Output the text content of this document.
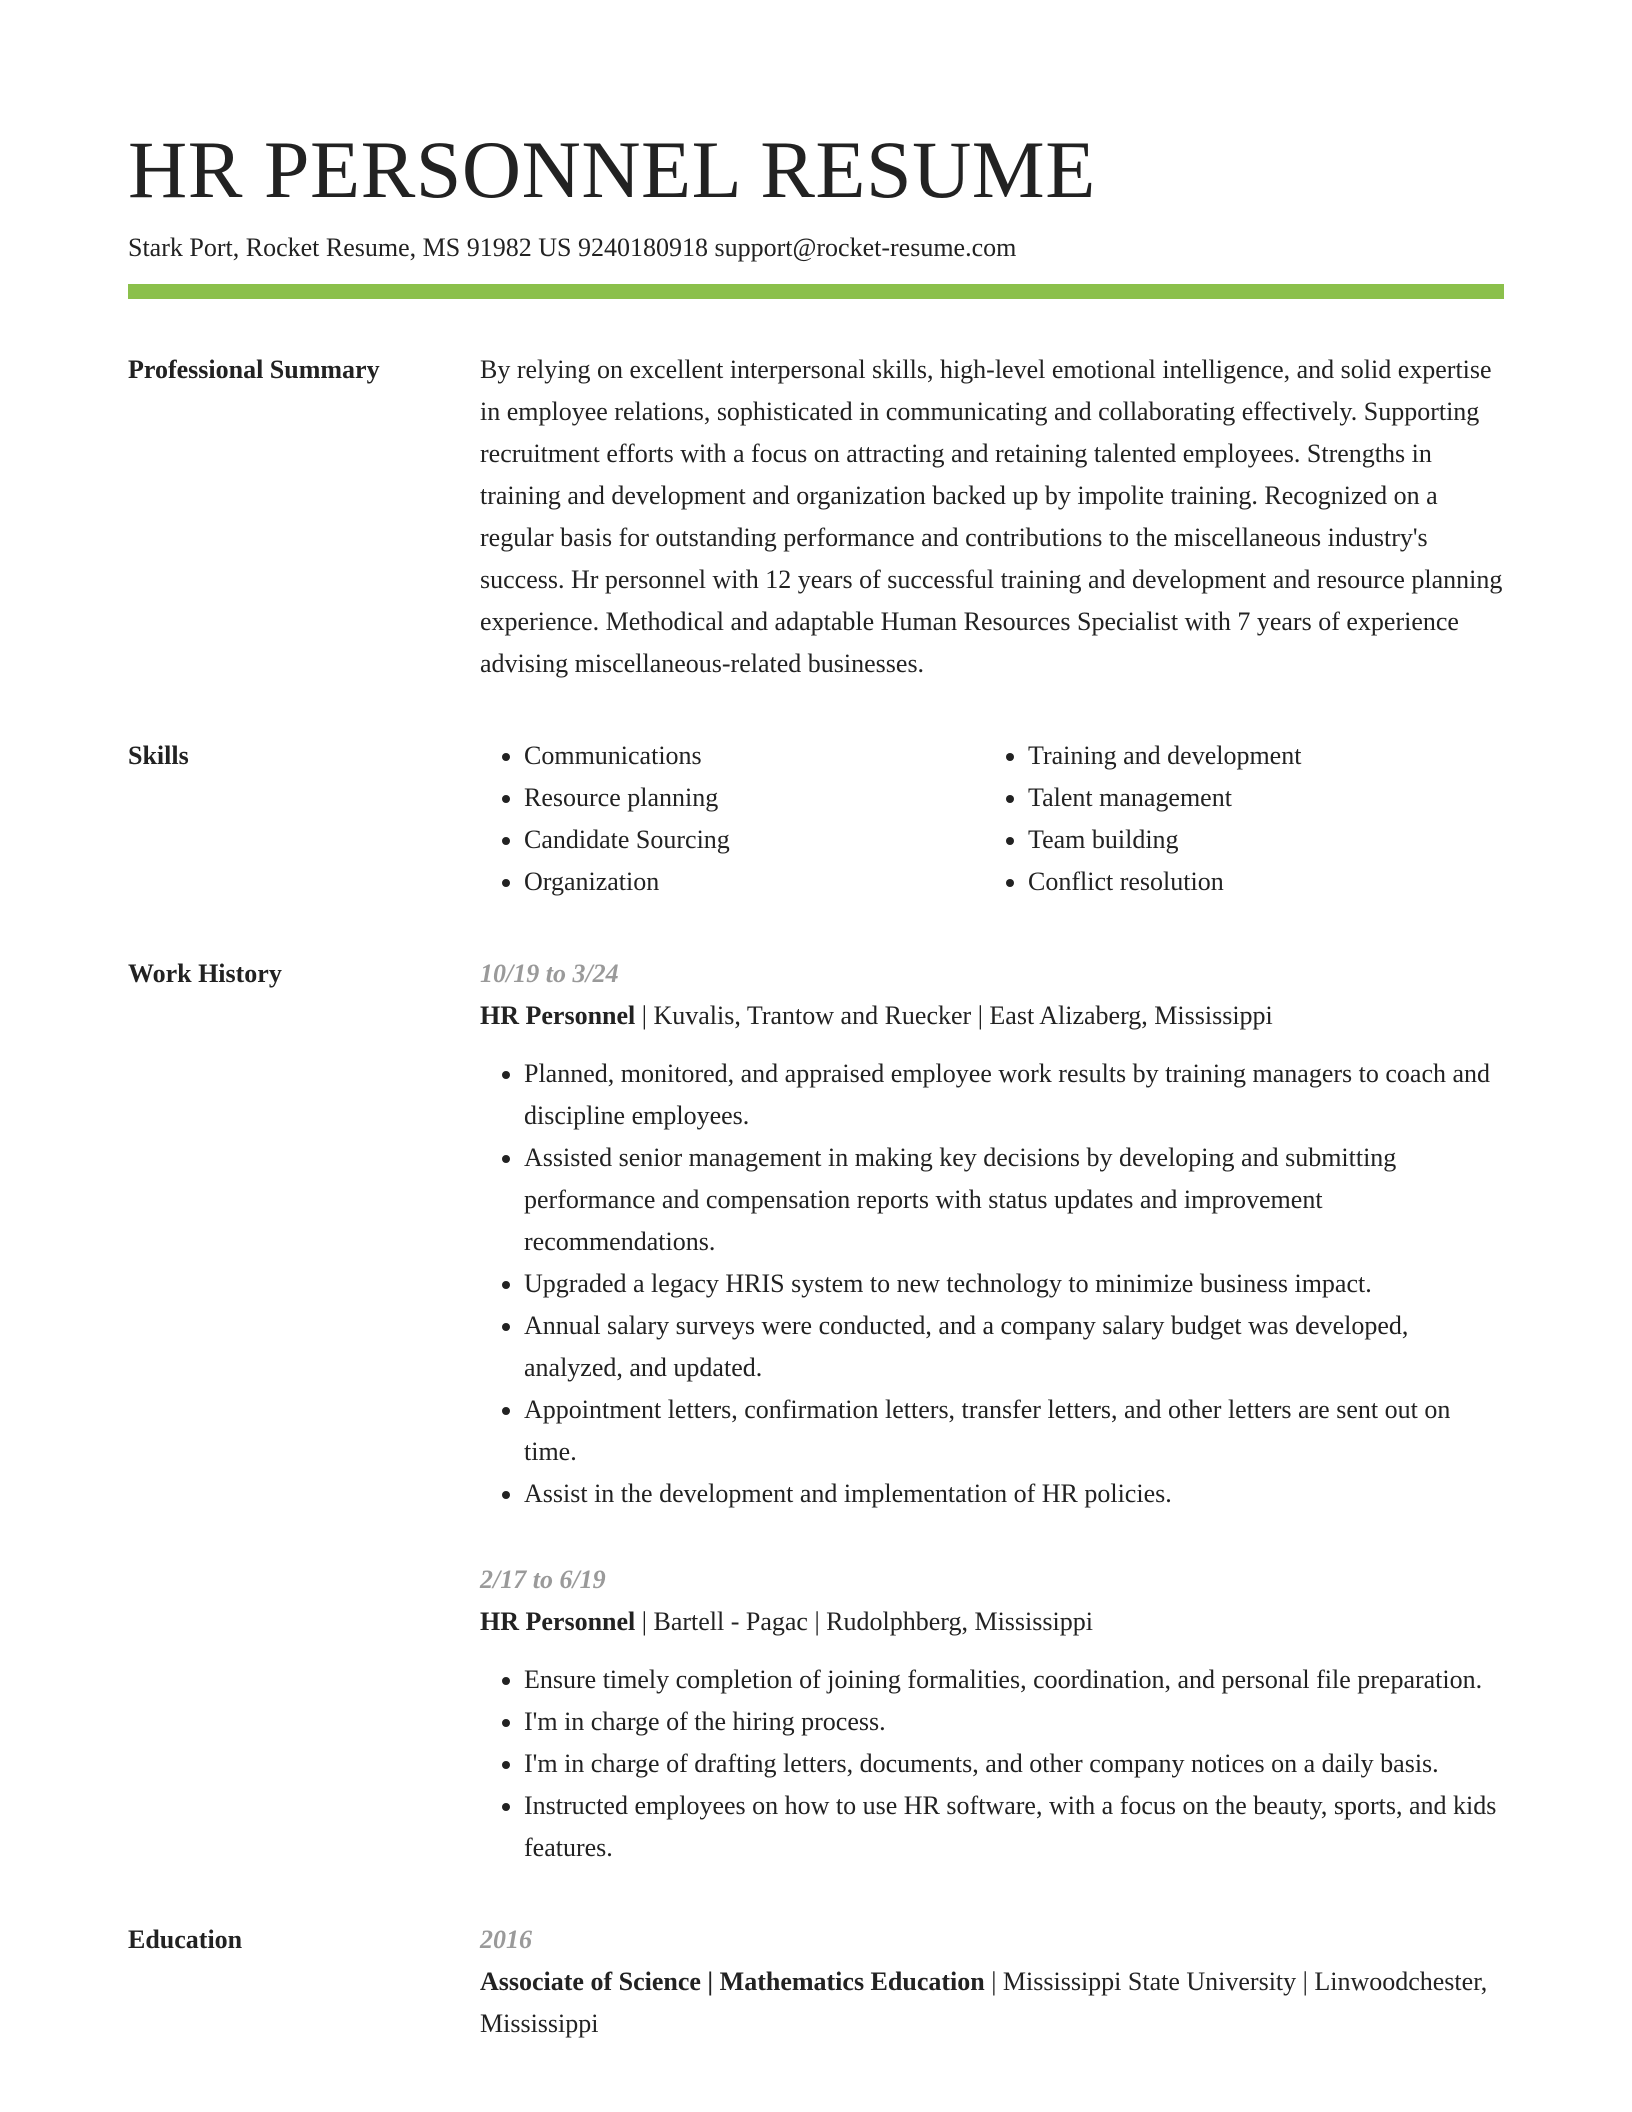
HR PERSONNEL RESUME
Stark Port, Rocket Resume, MS 91982 US 9240180918 support@rocket-resume.com
Professional Summary	By relying on excellent interpersonal skills, high-level emotional intelligence, and solid expertise in employee relations, sophisticated in communicating and collaborating effectively. Supporting recruitment efforts with a focus on attracting and retaining talented employees. Strengths in training and development and organization backed up by impolite training. Recognized on a regular basis for outstanding performance and contributions to the miscellaneous industry's success. Hr personnel with 12 years of successful training and development and resource planning experience. Methodical and adaptable Human Resources Specialist with 7 years of experience advising miscellaneous-related businesses.

Skills
•	Communications
• Resource planning
• Candidate Sourcing
• Organization
• Training and development
• Talent management
• Team building
• Conflict resolution
Work History	10/19 to 3/24
HR Personnel | Kuvalis, Trantow and Ruecker | East Alizaberg, Mississippi
• Planned, monitored, and appraised employee work results by training managers to coach and discipline employees.
• Assisted senior management in making key decisions by developing and submitting performance and compensation reports with status updates and improvement recommendations.
• Upgraded a legacy HRIS system to new technology to minimize business impact.
• Annual salary surveys were conducted, and a company salary budget was developed, analyzed, and updated.
• Appointment letters, confirmation letters, transfer letters, and other letters are sent out on time.
• Assist in the development and implementation of HR policies.
2/17 to 6/19
HR Personnel | Bartell - Pagac | Rudolphberg, Mississippi
• Ensure timely completion of joining formalities, coordination, and personal file preparation.
• I'm in charge of the hiring process.
• I'm in charge of drafting letters, documents, and other company notices on a daily basis.
• Instructed employees on how to use HR software, with a focus on the beauty, sports, and kids features.
Education	2016
Associate of Science | Mathematics Education | Mississippi State University | Linwoodchester, Mississippi
